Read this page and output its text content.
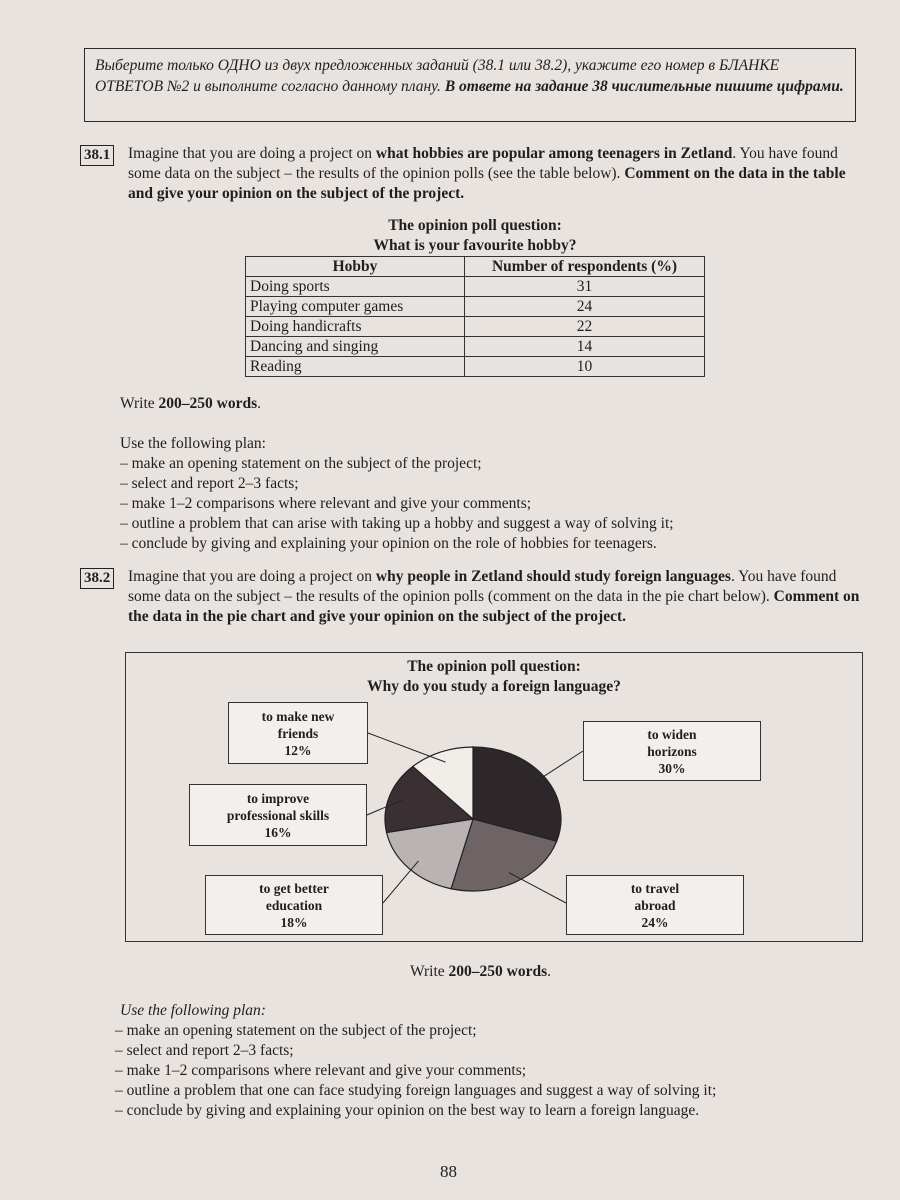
Выберите только ОДНО из двух предложенных заданий (38.1 или 38.2), укажите его номер в БЛАНКЕ ОТВЕТОВ №2 и выполните согласно данному плану. В ответе на задание 38 числительные пишите цифрами.
38.1 Imagine that you are doing a project on what hobbies are popular among teenagers in Zetland. You have found some data on the subject – the results of the opinion polls (see the table below). Comment on the data in the table and give your opinion on the subject of the project.
The opinion poll question:
What is your favourite hobby?
Hobby	Number of respondents (%)
Doing sports	31
Playing computer games	24
Doing handicrafts	22
Dancing and singing	14
Reading	10
Write 200–250 words.
Use the following plan:
– make an opening statement on the subject of the project;
– select and report 2–3 facts;
– make 1–2 comparisons where relevant and give your comments;
– outline a problem that can arise with taking up a hobby and suggest a way of solving it;
– conclude by giving and explaining your opinion on the role of hobbies for teenagers.
38.2 Imagine that you are doing a project on why people in Zetland should study foreign languages. You have found some data on the subject – the results of the opinion polls (comment on the data in the pie chart below). Comment on the data in the pie chart and give your opinion on the subject of the project.
The opinion poll question:
Why do you study a foreign language?
to make new
friends
12%
to improve
professional skills
16%
to get better
education
18%
to widen
horizons
30%
to travel
abroad
24%
Write 200–250 words.
Use the following plan:
– make an opening statement on the subject of the project;
– select and report 2–3 facts;
– make 1–2 comparisons where relevant and give your comments;
– outline a problem that one can face studying foreign languages and suggest a way of solving it;
– conclude by giving and explaining your opinion on the best way to learn a foreign language.
88
